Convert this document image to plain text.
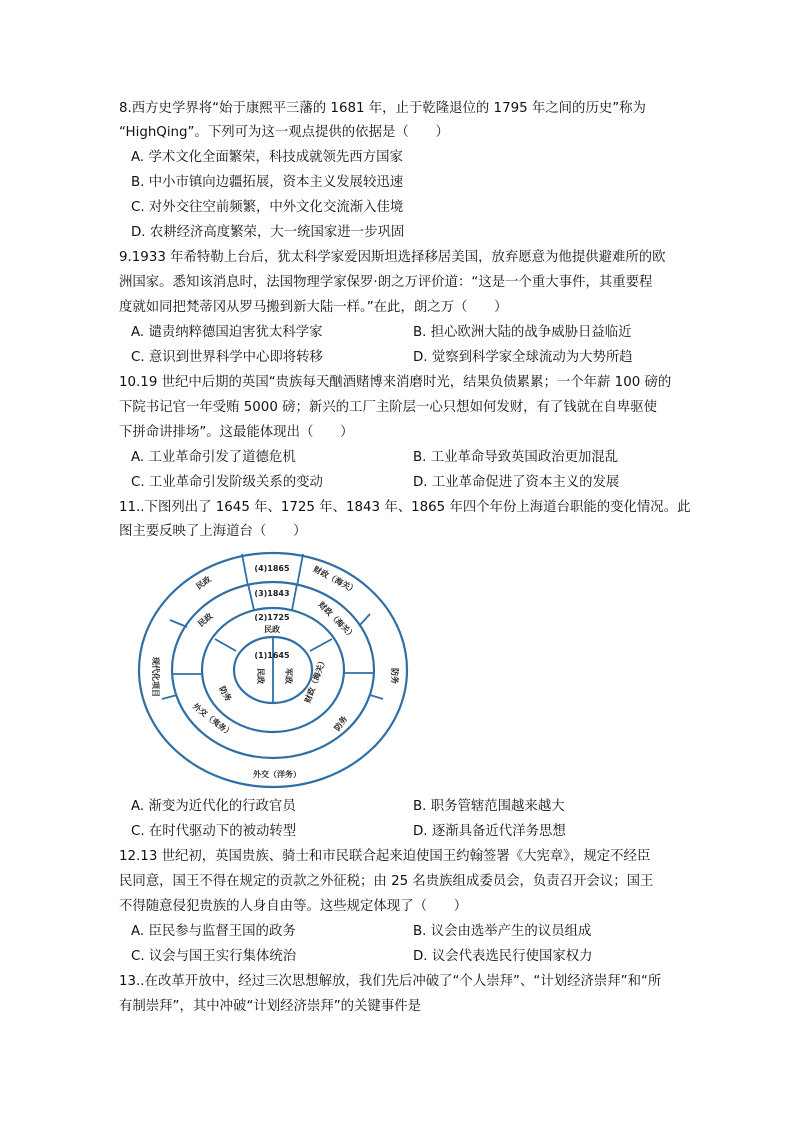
8.西方史学界将“始于康熙平三藩的 1681 年，止于乾隆退位的 1795 年之间的历史”称为
“HighQing”。下列可为这一观点提供的依据是（　　）
A. 学术文化全面繁荣，科技成就领先西方国家
B. 中小市镇向边疆拓展，资本主义发展较迅速
C. 对外交往空前频繁，中外文化交流渐入佳境
D. 农耕经济高度繁荣，大一统国家进一步巩固
9.1933 年希特勒上台后，犹太科学家爱因斯坦选择移居美国，放弃愿意为他提供避难所的欧
洲国家。悉知该消息时，法国物理学家保罗·朗之万评价道：“这是一个重大事件，其重要程
度就如同把梵蒂冈从罗马搬到新大陆一样。”在此，朗之万（　　）
A. 谴责纳粹德国迫害犹太科学家	B. 担心欧洲大陆的战争威胁日益临近
C. 意识到世界科学中心即将转移	D. 觉察到科学家全球流动为大势所趋
10.19 世纪中后期的英国“贵族每天酗酒赌博来消磨时光，结果负债累累；一个年薪 100 磅的
下院书记官一年受贿 5000 磅；新兴的工厂主阶层一心只想如何发财，有了钱就在自卑驱使
下拼命讲排场”。这最能体现出（　　）
A. 工业革命引发了道德危机	B. 工业革命导致英国政治更加混乱
C. 工业革命引发阶级关系的变动	D. 工业革命促进了资本主义的发展
11..下图列出了 1645 年、1725 年、1843 年、1865 年四个年份上海道台职能的变化情况。此
图主要反映了上海道台（　　）
(4)1865
民政	财政（海关）
现代化项目	防务
外交（洋务）
(3)1843
民政	财政（海关）
外交（夷务）	防务
(2)1725
民政
财政（海关）
防务
(1)1645
民政 军政
A. 渐变为近代化的行政官员	B. 职务管辖范围越来越大
C. 在时代驱动下的被动转型	D. 逐渐具备近代洋务思想
12.13 世纪初，英国贵族、骑士和市民联合起来迫使国王约翰签署《大宪章》，规定不经臣
民同意，国王不得在规定的贡款之外征税；由 25 名贵族组成委员会，负责召开会议；国王
不得随意侵犯贵族的人身自由等。这些规定体现了（　　）
A. 臣民参与监督王国的政务	B. 议会由选举产生的议员组成
C. 议会与国王实行集体统治	D. 议会代表选民行使国家权力
13..在改革开放中，经过三次思想解放，我们先后冲破了“个人崇拜”、“计划经济崇拜”和“所
有制崇拜”，其中冲破“计划经济崇拜”的关键事件是
